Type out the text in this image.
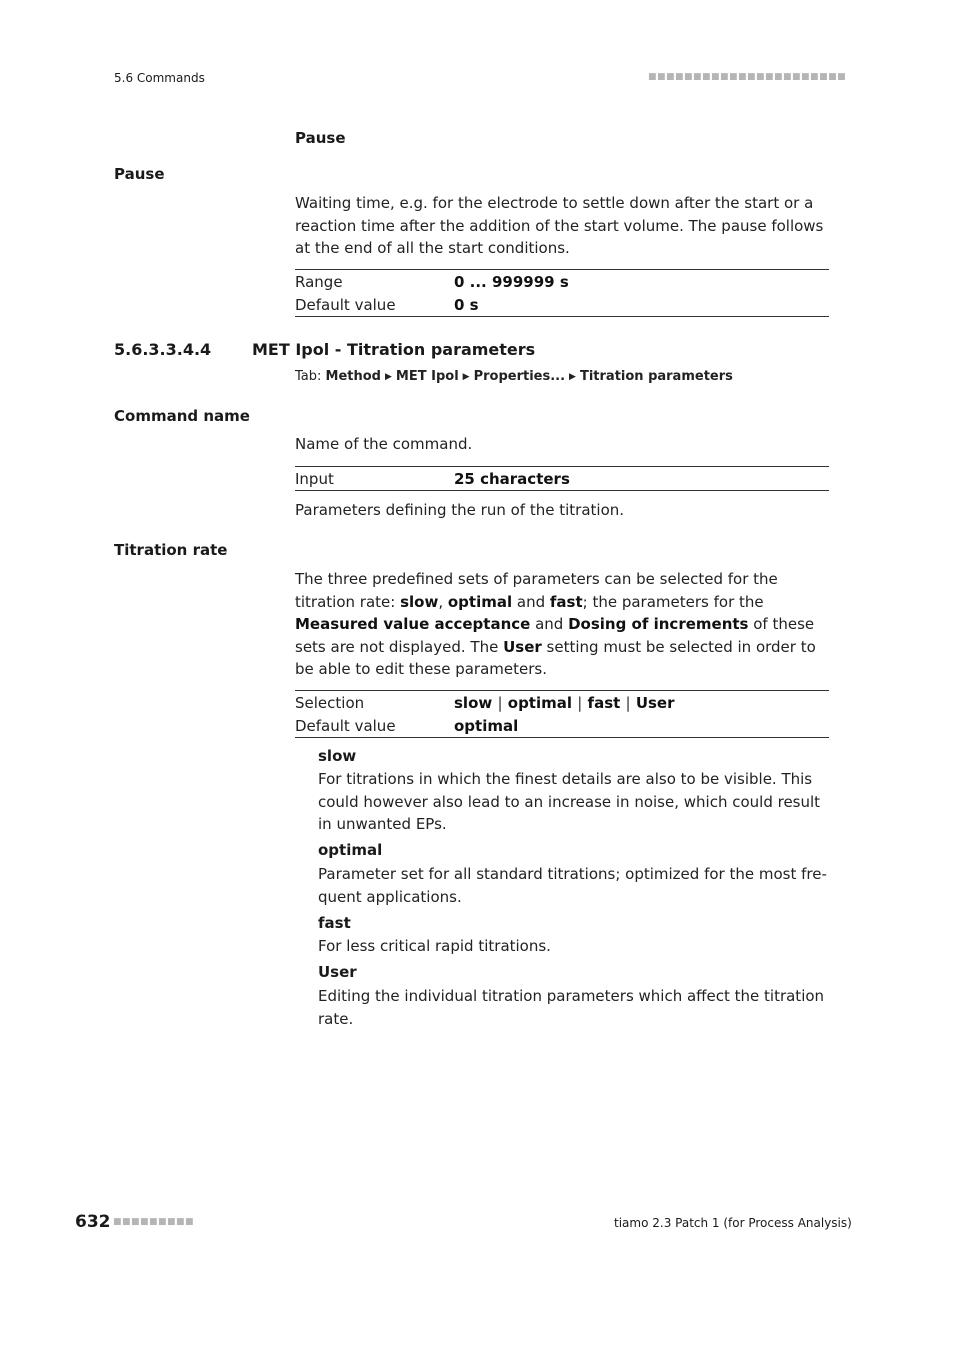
5.6 Commands	■■■■■■■■■■■■■■■■■■■■■■
Pause
Pause
Waiting time, e.g. for the electrode to settle down after the start or a reaction time after the addition of the start volume. The pause follows at the end of all the start conditions.
Range	0 ... 999999 s
Default value	0 s
5.6.3.3.4.4	MET Ipol - Titration parameters
Tab: Method ▶ MET Ipol ▶ Properties... ▶ Titration parameters
Command name
Name of the command.
Input	25 characters
Parameters defining the run of the titration.
Titration rate
The three predefined sets of parameters can be selected for the titration rate: slow, optimal and fast; the parameters for the Measured value acceptance and Dosing of increments of these sets are not displayed. The User setting must be selected in order to be able to edit these parameters.
Selection	slow | optimal | fast | User
Default value	optimal
slow
For titrations in which the finest details are also to be visible. This could however also lead to an increase in noise, which could result in unwanted EPs.
optimal
Parameter set for all standard titrations; optimized for the most frequent applications.
fast
For less critical rapid titrations.
User
Editing the individual titration parameters which affect the titration rate.
632 ■■■■■■■■■	tiamo 2.3 Patch 1 (for Process Analysis)
